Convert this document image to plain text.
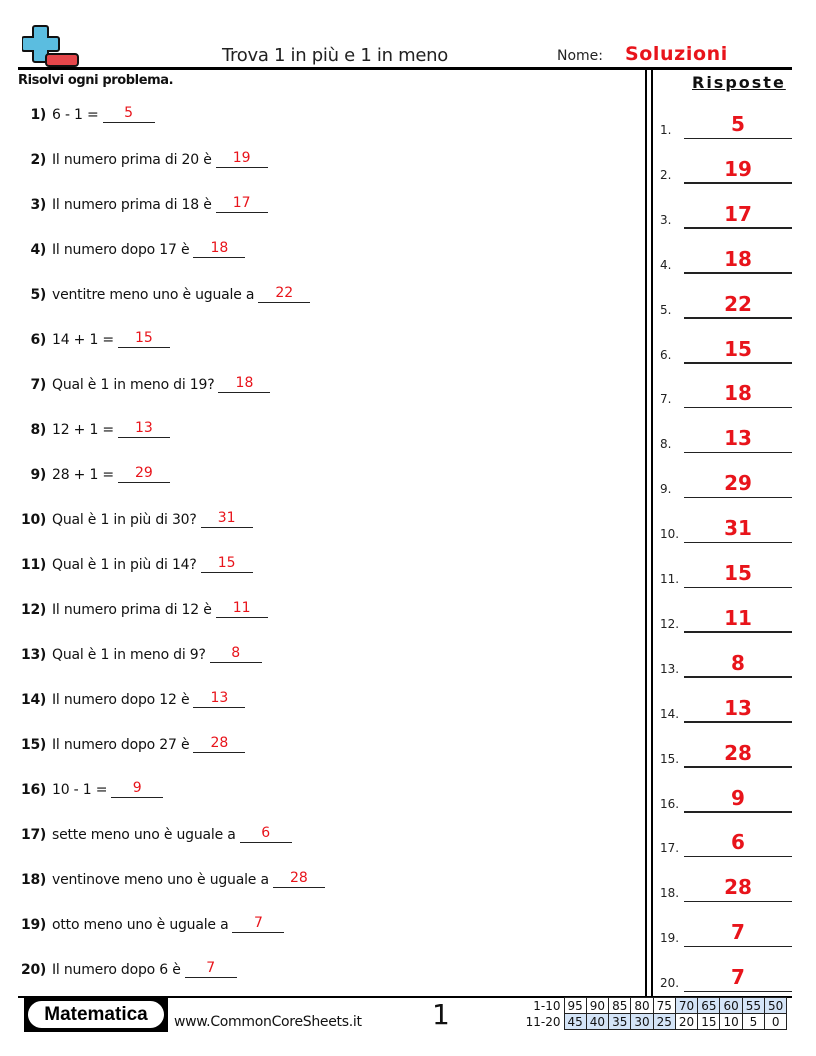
Trova 1 in più e 1 in meno	Nome: Soluzioni
Risolvi ogni problema.	Risposte
1) 6 - 1 =	5
2) Il numero prima di 20 è	19
3) Il numero prima di 18 è	17
4) Il numero dopo 17 è	18
5) ventitre meno uno è uguale a	22
6) 14 + 1 =	15
7) Qual è 1 in meno di 19?	18
8) 12 + 1 =	13
9) 28 + 1 =	29
10) Qual è 1 in più di 30?	31
11) Qual è 1 in più di 14?	15
12) Il numero prima di 12 è	11
13) Qual è 1 in meno di 9?	8
14) Il numero dopo 12 è	13
15) Il numero dopo 27 è	28
16) 10 - 1 =	9
17) sette meno uno è uguale a	6
18) ventinove meno uno è uguale a	28
19) otto meno uno è uguale a	7
20) Il numero dopo 6 è	7
1.	5
2.	19
3.	17
4.	18
5.	22
6.	15
7.	18
8.	13
9.	29
10.	31
11.	15
12.	11
13.	8
14.	13
15.	28
16.	9
17.	6
18.	28
19.	7
20.	7
Matematica	www.CommonCoreSheets.it	1	1-10	95	90	85	80	75	70	65	60	55	50
11-20	45	40	35	30	25	20	15	10	5	0
